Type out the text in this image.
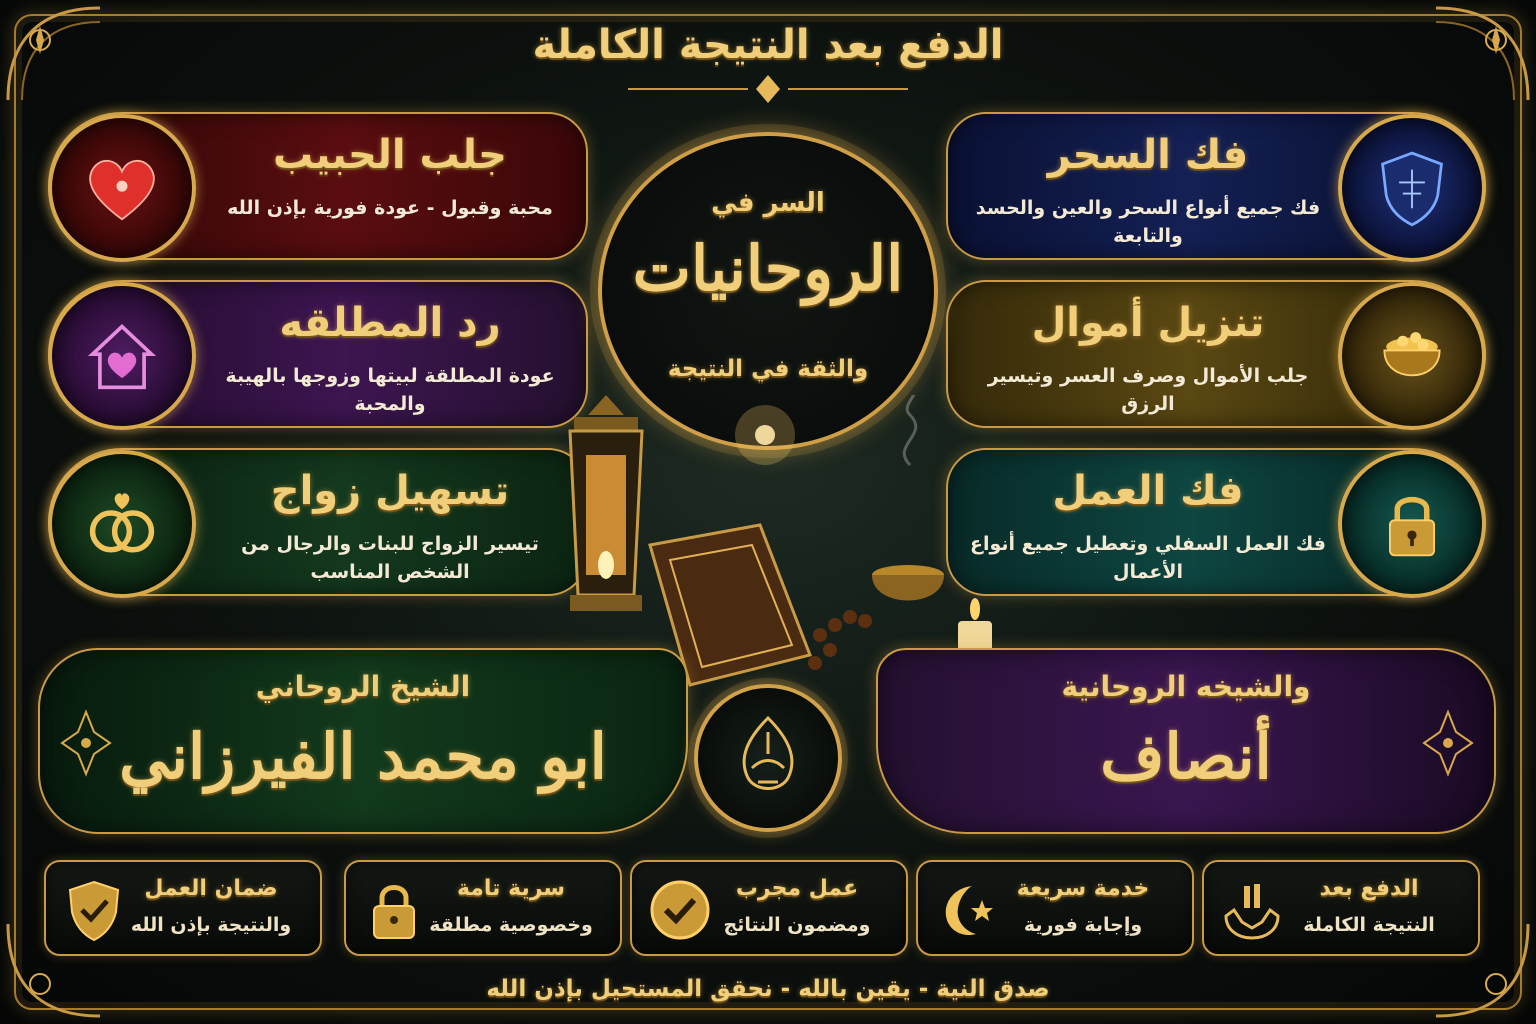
الدفع بعد النتيجة الكاملة
جلب الحبيب
محبة وقبول - عودة فورية بإذن الله
رد المطلقه
عودة المطلقة لبيتها وزوجها بالهيبة والمحبة
تسهيل زواج
تيسير الزواج للبنات والرجال من الشخص المناسب
فك السحر
فك جميع أنواع السحر والعين والحسد والتابعة
تنزيل أموال
جلب الأموال وصرف العسر وتيسير الرزق
فك العمل
فك العمل السفلي وتعطيل جميع أنواع الأعمال
السر في
الروحانيات
والثقة في النتيجة
الشيخ الروحاني
ابو محمد الفيرزاني
والشيخه الروحانية
أنصاف
الدفع بعد
النتيجة الكاملة
خدمة سريعة
وإجابة فورية
عمل مجرب
ومضمون النتائج
سرية تامة
وخصوصية مطلقة
ضمان العمل
والنتيجة بإذن الله
صدق النية - يقين بالله - نحقق المستحيل بإذن الله
